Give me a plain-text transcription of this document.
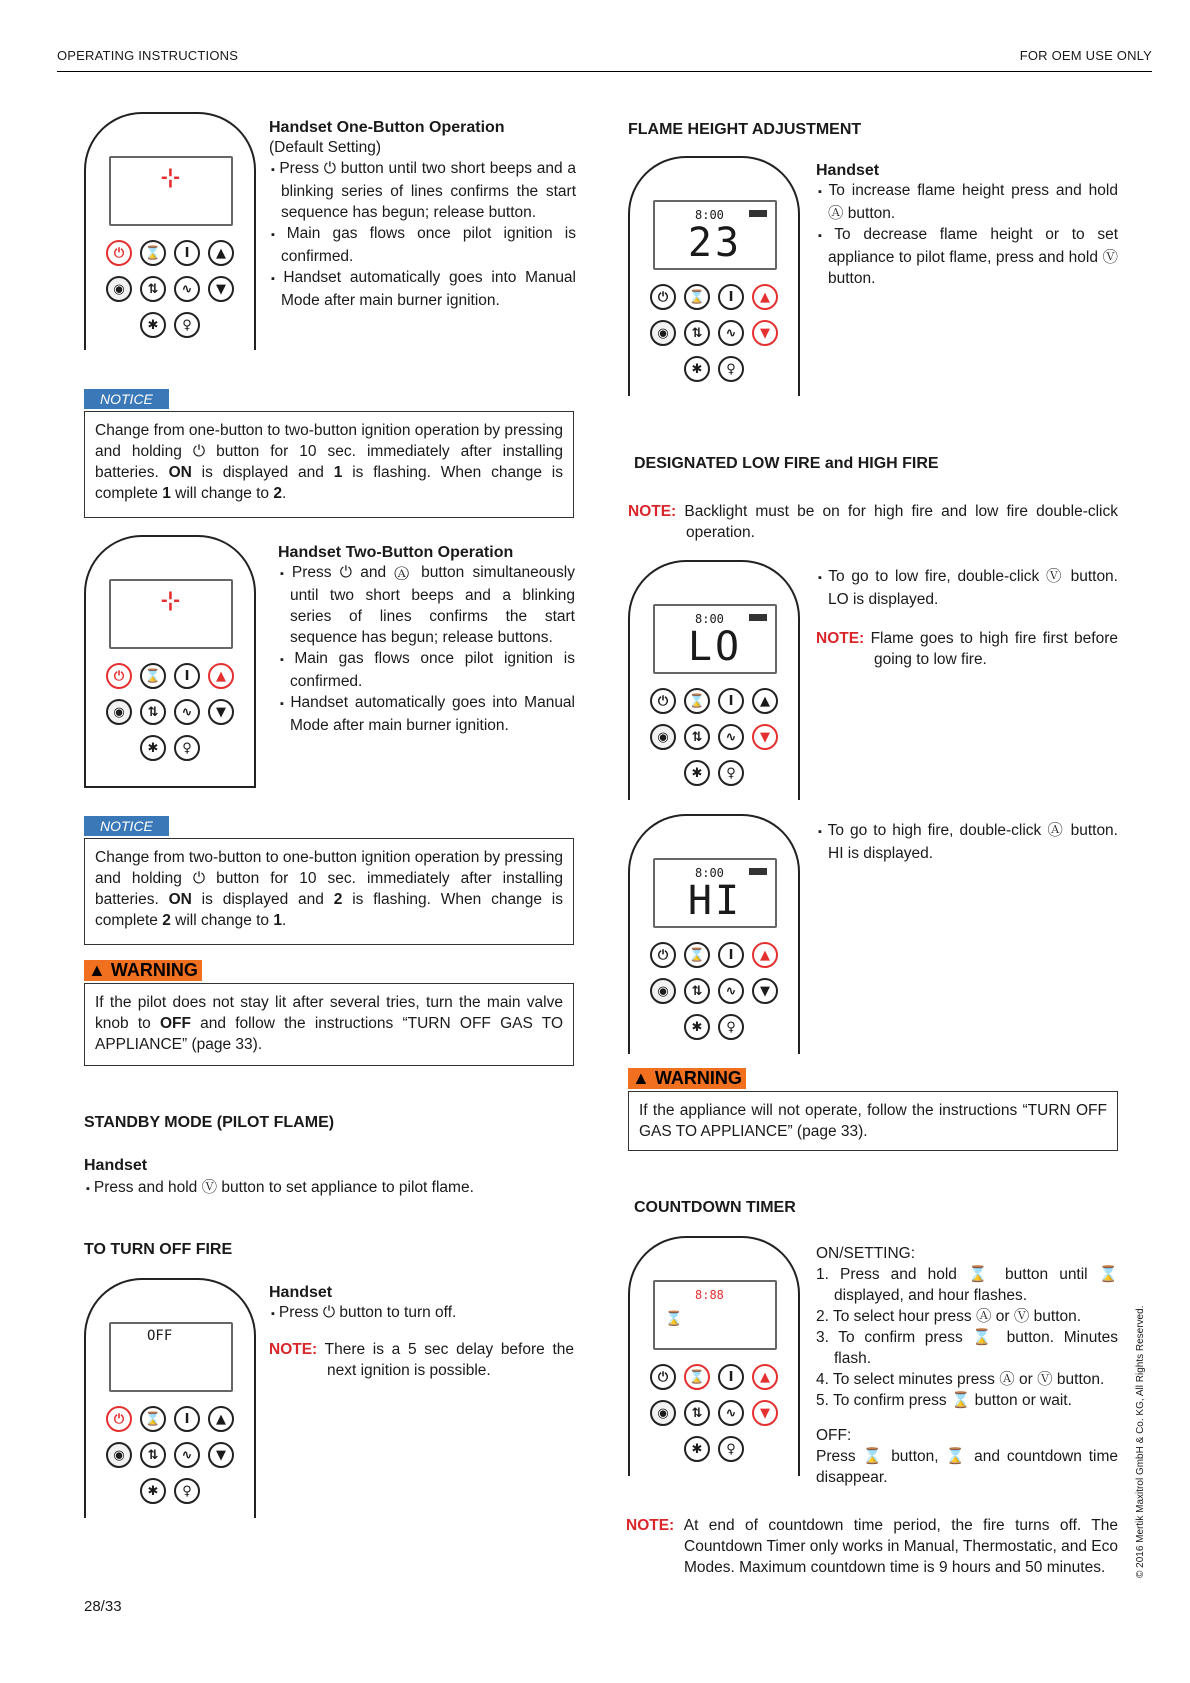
OPERATING INSTRUCTIONS	FOR OEM USE ONLY
-¦-
⏻	⌛	I	▲
◉	⇅	∿	▼
✱	♀
Handset One-Button Operation
(Default Setting)
▪ Press ⏻ button until two short beeps and a blinking series of lines confirms the start sequence has begun; release button.
▪ Main gas flows once pilot ignition is confirmed.
▪ Handset automatically goes into Manual Mode after main burner ignition.
NOTICE
Change from one-button to two-button ignition operation by pressing and holding ⏻ button for 10 sec. immediately after installing batteries. ON is displayed and 1 is flashing. When change is complete 1 will change to 2.
-¦-
⏻	⌛	I	▲
◉	⇅	∿	▼
✱	♀
Handset Two-Button Operation
▪ Press ⏻ and Ⓐ button simultaneously until two short beeps and a blinking series of lines confirms the start sequence has begun; release buttons.
▪ Main gas flows once pilot ignition is confirmed.
▪ Handset automatically goes into Manual Mode after main burner ignition.
NOTICE
Change from two-button to one-button ignition operation by pressing and holding ⏻ button for 10 sec. immediately after installing batteries. ON is displayed and 2 is flashing. When change is complete 2 will change to 1.
▲ WARNING
If the pilot does not stay lit after several tries, turn the main valve knob to OFF and follow the instructions “TURN OFF GAS TO APPLIANCE” (page 33).
STANDBY MODE (PILOT FLAME)
Handset
▪ Press and hold Ⓥ button to set appliance to pilot flame.
TO TURN OFF FIRE
OFF
⏻	⌛	I	▲
◉	⇅	∿	▼
✱	♀
Handset
▪ Press ⏻ button to turn off.
NOTE: There is a 5 sec delay before the next ignition is possible.
28/33
FLAME HEIGHT ADJUSTMENT
8:00
23
⏻	⌛	I	▲
◉	⇅	∿	▼
✱	♀
Handset
▪ To increase flame height press and hold Ⓐ button.
▪ To decrease flame height or to set appliance to pilot flame, press and hold Ⓥ button.
DESIGNATED LOW FIRE and HIGH FIRE
NOTE: Backlight must be on for high fire and low fire double-click operation.
8:00
LO
⏻	⌛	I	▲
◉	⇅	∿	▼
✱	♀
▪ To go to low fire, double-click Ⓥ button. LO is displayed.
NOTE: Flame goes to high fire first before going to low fire.
8:00
HI
⏻	⌛	I	▲
◉	⇅	∿	▼
✱	♀
▪ To go to high fire, double-click Ⓐ button. HI is displayed.
▲ WARNING
If the appliance will not operate, follow the instructions “TURN OFF GAS TO APPLIANCE” (page 33).
COUNTDOWN TIMER
8:88
⌛
⏻	⌛	I	▲
◉	⇅	∿	▼
✱	♀
ON/SETTING:
1. Press and hold ⌛ button until ⌛ displayed, and hour flashes.
2. To select hour press Ⓐ or Ⓥ button.
3. To confirm press ⌛ button. Minutes flash.
4. To select minutes press Ⓐ or Ⓥ button.
5. To confirm press ⌛ button or wait.
OFF:
Press ⌛ button, ⌛ and countdown time disappear.
NOTE: At end of countdown time period, the fire turns off. The Countdown Timer only works in Manual, Thermostatic, and Eco Modes. Maximum countdown time is 9 hours and 50 minutes.	© 2016 Mertik Maxitrol GmbH & Co. KG, All Rights Reserved.
